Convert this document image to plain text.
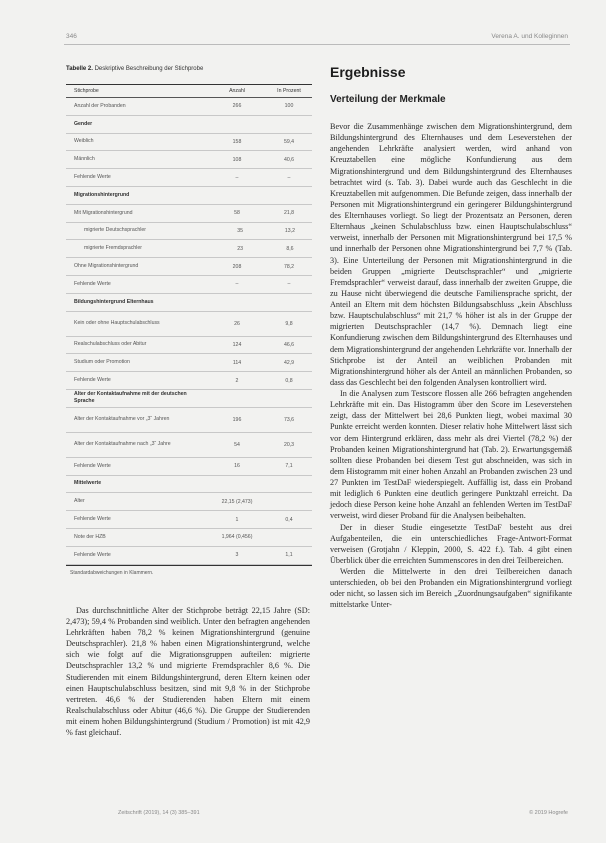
346	Verena A. und Kolleginnen
Tabelle 2. Deskriptive Beschreibung der Stichprobe
Stichprobe	Anzahl	In Prozent
Anzahl der Probanden	266	100
Gender
Weiblich	158	59,4
Männlich	108	40,6
Fehlende Werte	–	–
Migrationshintergrund
Mit Migrationshintergrund	58	21,8
migrierte Deutschsprachler	35	13,2
migrierte Fremdsprachler	23	8,6
Ohne Migrationshintergrund	208	78,2
Fehlende Werte	–	–
Bildungshintergrund Elternhaus
Kein oder ohne Hauptschulabschluss	26	9,8
Realschulabschluss oder Abitur	124	46,6
Studium oder Promotion	114	42,9
Fehlende Werte	2	0,8
Alter der Kontaktaufnahme mit der deutschen Sprache
Alter der Kontaktaufnahme vor „3“ Jahren	196	73,6
Alter der Kontaktaufnahme nach „3“ Jahre	54	20,3
Fehlende Werte	16	7,1
Mittelwerte
Alter	22,15 (2,473)
Fehlende Werte	1	0,4
Note der HZB	1,964 (0,456)
Fehlende Werte	3	1,1
Standardabweichungen in Klammern.

Das durchschnittliche Alter der Stichprobe beträgt 22,15 Jahre (SD: 2,473); 59,4 % Probanden sind weiblich. Unter den befragten angehenden Lehrkräften haben 78,2 % keinen Migrationshintergrund (genuine Deutschsprachler). 21,8 % haben einen Migrationshintergrund, welche sich wie folgt auf die Migrationsgruppen aufteilen: migrierte Deutschsprachler 13,2 % und migrierte Fremdsprachler 8,6 %. Die Studierenden mit einem Bildungshintergrund, deren Eltern keinen oder einen Hauptschulabschluss besitzen, sind mit 9,8 % in der Stichprobe vertreten. 46,6 % der Studierenden haben Eltern mit einem Realschulabschluss oder Abitur (46,6 %). Die Gruppe der Studierenden mit einem hohen Bildungshintergrund (Studium / Promotion) ist mit 42,9 % fast gleichauf.

Ergebnisse
Verteilung der Merkmale

Bevor die Zusammenhänge zwischen dem Migrationshintergrund, dem Bildungshintergrund des Elternhauses und dem Leseverstehen der angehenden Lehrkräfte analysiert werden, wird anhand von Kreuztabellen eine mögliche Konfundierung aus dem Migrationshintergrund und dem Bildungshintergrund des Elternhauses betrachtet wird (s. Tab. 3). Dabei wurde auch das Geschlecht in die Kreuztabellen mit aufgenommen. Die Befunde zeigen, dass innerhalb der Personen mit Migrationshintergrund ein geringerer Bildungshintergrund des Elternhauses vorliegt. So liegt der Prozentsatz an Personen, deren Elternhaus „keinen Schulabschluss bzw. einen Hauptschulabschluss“ verweist, innerhalb der Personen mit Migrationshintergrund bei 17,5 % und innerhalb der Personen ohne Migrationshintergrund bei 7,7 % (Tab. 3). Eine Unterteilung der Personen mit Migrationshintergrund in die beiden Gruppen „migrierte Deutschsprachler“ und „migrierte Fremdsprachler“ verweist darauf, dass innerhalb der zweiten Gruppe, die zu Hause nicht überwiegend die deutsche Familiensprache spricht, der Anteil an Eltern mit dem höchsten Bildungsabschluss „kein Abschluss bzw. Hauptschulabschluss“ mit 21,7 % höher ist als in der Gruppe der migrierten Deutschsprachler (14,7 %). Demnach liegt eine Konfundierung zwischen dem Bildungshintergrund des Elternhauses und dem Migrationshintergrund der angehenden Lehrkräfte vor. Innerhalb der Stichprobe ist der Anteil an weiblichen Probanden mit Migrationshintergrund höher als der Anteil an männlichen Probanden, so dass das Geschlecht bei den folgenden Analysen kontrolliert wird.

In die Analysen zum Testscore flossen alle 266 befragten angehenden Lehrkräfte mit ein. Das Histogramm über den Score im Leseverstehen zeigt, dass der Mittelwert bei 28,6 Punkten liegt, wobei maximal 30 Punkte erreicht werden konnten. Dieser relativ hohe Mittelwert lässt sich vor dem Hintergrund erklären, dass mehr als drei Viertel (78,2 %) der Probanden keinen Migrationshintergrund hat (Tab. 2). Erwartungsgemäß sollten diese Probanden bei diesem Test gut abschneiden, was sich in dem Histogramm mit einer hohen Anzahl an Probanden zwischen 23 und 27 Punkten im TestDaF wiederspiegelt. Auffällig ist, dass ein Proband mit lediglich 6 Punkten eine deutlich geringere Punktzahl erreicht. Da jedoch diese Person keine hohe Anzahl an fehlenden Werten im TestDaF verweist, wird dieser Proband für die Analysen beibehalten.

Der in dieser Studie eingesetzte TestDaF besteht aus drei Aufgabenteilen, die ein unterschiedliches Frage-Antwort-Format verweisen (Grotjahn / Kleppin, 2000, S. 422 f.). Tab. 4 gibt einen Überblick über die erreichten Summenscores in den drei Teilbereichen.

Werden die Mittelwerte in den drei Teilbereichen danach unterschieden, ob bei den Probanden ein Migrationshintergrund vorliegt oder nicht, so lassen sich im Bereich „Zuordnungsaufgaben“ signifikante mittelstarke Unter-

Zeitschrift (2019), 14 (3) 385–391	© 2019 Hogrefe
